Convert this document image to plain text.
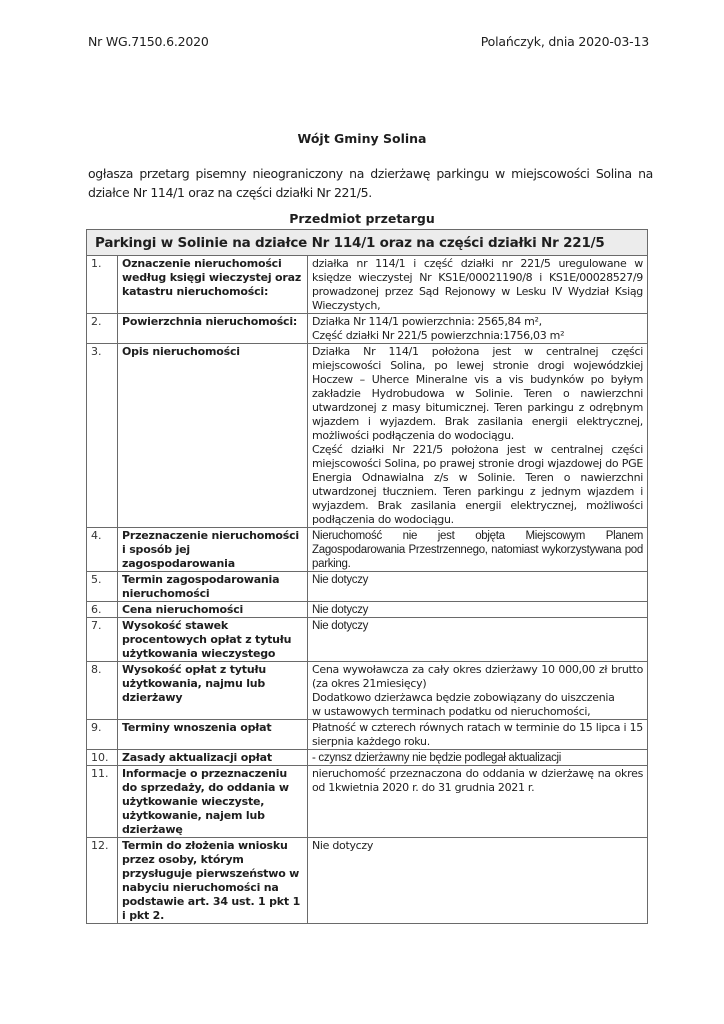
Nr WG.7150.6.2020	Polańczyk, dnia 2020-03-13
Wójt Gminy Solina
ogłasza przetarg pisemny nieograniczony na dzierżawę parkingu w miejscowości Solina na działce Nr 114/1 oraz na części działki Nr 221/5.
Przedmiot przetargu
Parkingi w Solinie na działce Nr 114/1 oraz na części działki Nr 221/5		
1.	Oznaczenie nieruchomości według księgi wieczystej oraz katastru nieruchomości:	działka nr 114/1 i część działki nr 221/5 uregulowane w księdze wieczystej Nr KS1E/00021190/8 i KS1E/00028527/9 prowadzonej przez Sąd Rejonowy w Lesku IV Wydział Ksiąg Wieczystych,

2.	Powierzchnia nieruchomości:	Działka Nr 114/1 powierzchnia: 2565,84 m²,

Część działki Nr 221/5 powierzchnia:1756,03 m²

3.	Opis nieruchomości	Działka Nr 114/1 położona jest w centralnej części miejscowości Solina, po lewej stronie drogi wojewódzkiej Hoczew – Uherce Mineralne vis a vis budynków po byłym zakładzie Hydrobudowa w Solinie. Teren o nawierzchni utwardzonej z masy bitumicznej. Teren parkingu z odrębnym wjazdem i wyjazdem. Brak zasilania energii elektrycznej, możliwości podłączenia do wodociągu.

Część działki Nr 221/5 położona jest w centralnej części miejscowości Solina, po prawej stronie drogi wjazdowej do PGE Energia Odnawialna z/s w Solinie. Teren o nawierzchni utwardzonej tłuczniem. Teren parkingu z jednym wjazdem i wyjazdem. Brak zasilania energii elektrycznej, możliwości podłączenia do wodociągu.

4.	Przeznaczenie nieruchomości i sposób jej zagospodarowania	Nieruchomość nie jest objęta Miejscowym Planem Zagospodarowania Przestrzennego, natomiast wykorzystywana pod parking.

5.	Termin zagospodarowania nieruchomości	Nie dotyczy

6.	Cena nieruchomości	Nie dotyczy

7.	Wysokość stawek procentowych opłat z tytułu użytkowania wieczystego	Nie dotyczy

8.	Wysokość opłat z tytułu użytkowania, najmu lub dzierżawy	Cena wywoławcza za cały okres dzierżawy 10 000,00 zł brutto (za okres 21miesięcy)

Dodatkowo dzierżawca będzie zobowiązany do uiszczenia

w ustawowych terminach podatku od nieruchomości,

9.	Terminy wnoszenia opłat	Płatność w czterech równych ratach w terminie do 15 lipca i 15 sierpnia każdego roku.

10.	Zasady aktualizacji opłat	- czynsz dzierżawny nie będzie podlegał aktualizacji

11.	Informacje o przeznaczeniu do sprzedaży, do oddania w użytkowanie wieczyste, użytkowanie, najem lub dzierżawę	nieruchomość przeznaczona do oddania w dzierżawę na okres od 1kwietnia 2020 r. do 31 grudnia 2021 r.

12.	Termin do złożenia wniosku przez osoby, którym przysługuje pierwszeństwo w nabyciu nieruchomości na podstawie art. 34 ust. 1 pkt 1 i pkt 2.	Nie dotyczy
